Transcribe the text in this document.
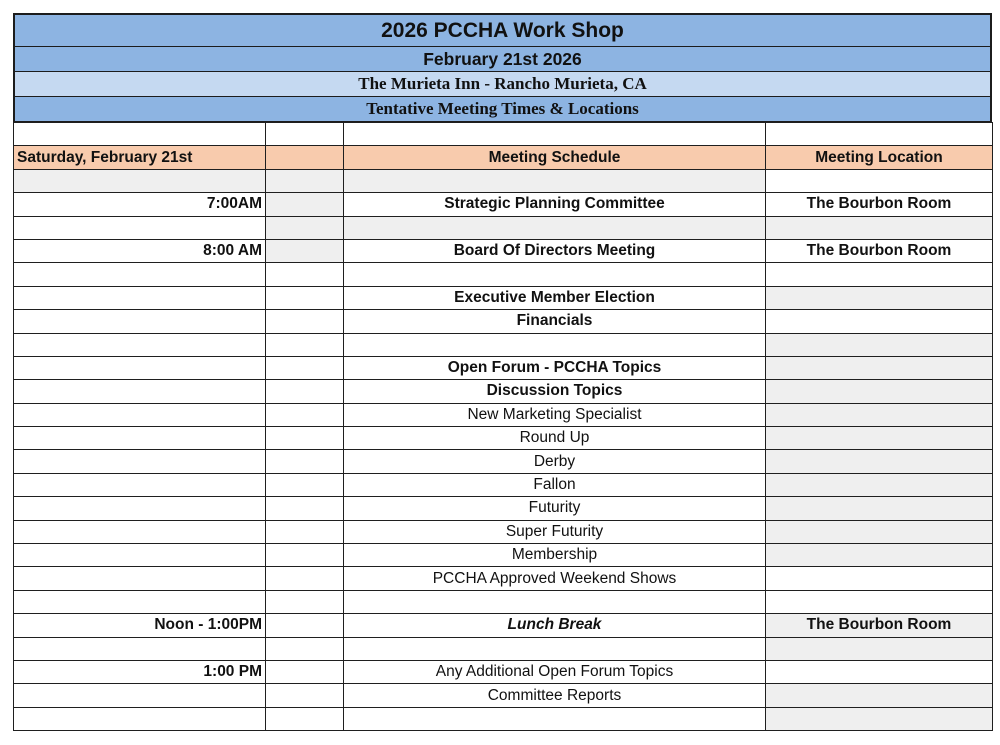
2026 PCCHA Work Shop
February 21st 2026
The Murieta Inn - Rancho Murieta, CA
Tentative Meeting Times & Locations

Saturday, February 21st		Meeting Schedule	Meeting Location

7:00AM		Strategic Planning Committee	The Bourbon Room

8:00 AM		Board Of Directors Meeting	The Bourbon Room

		Executive Member Election	
		Financials	

		Open Forum - PCCHA Topics	
		Discussion Topics	
		New Marketing Specialist	
		Round Up	
		Derby	
		Fallon	
		Futurity	
		Super Futurity	
		Membership	
		PCCHA Approved Weekend Shows	

Noon - 1:00PM		Lunch Break	The Bourbon Room

1:00 PM		Any Additional Open Forum Topics	
		Committee Reports	
